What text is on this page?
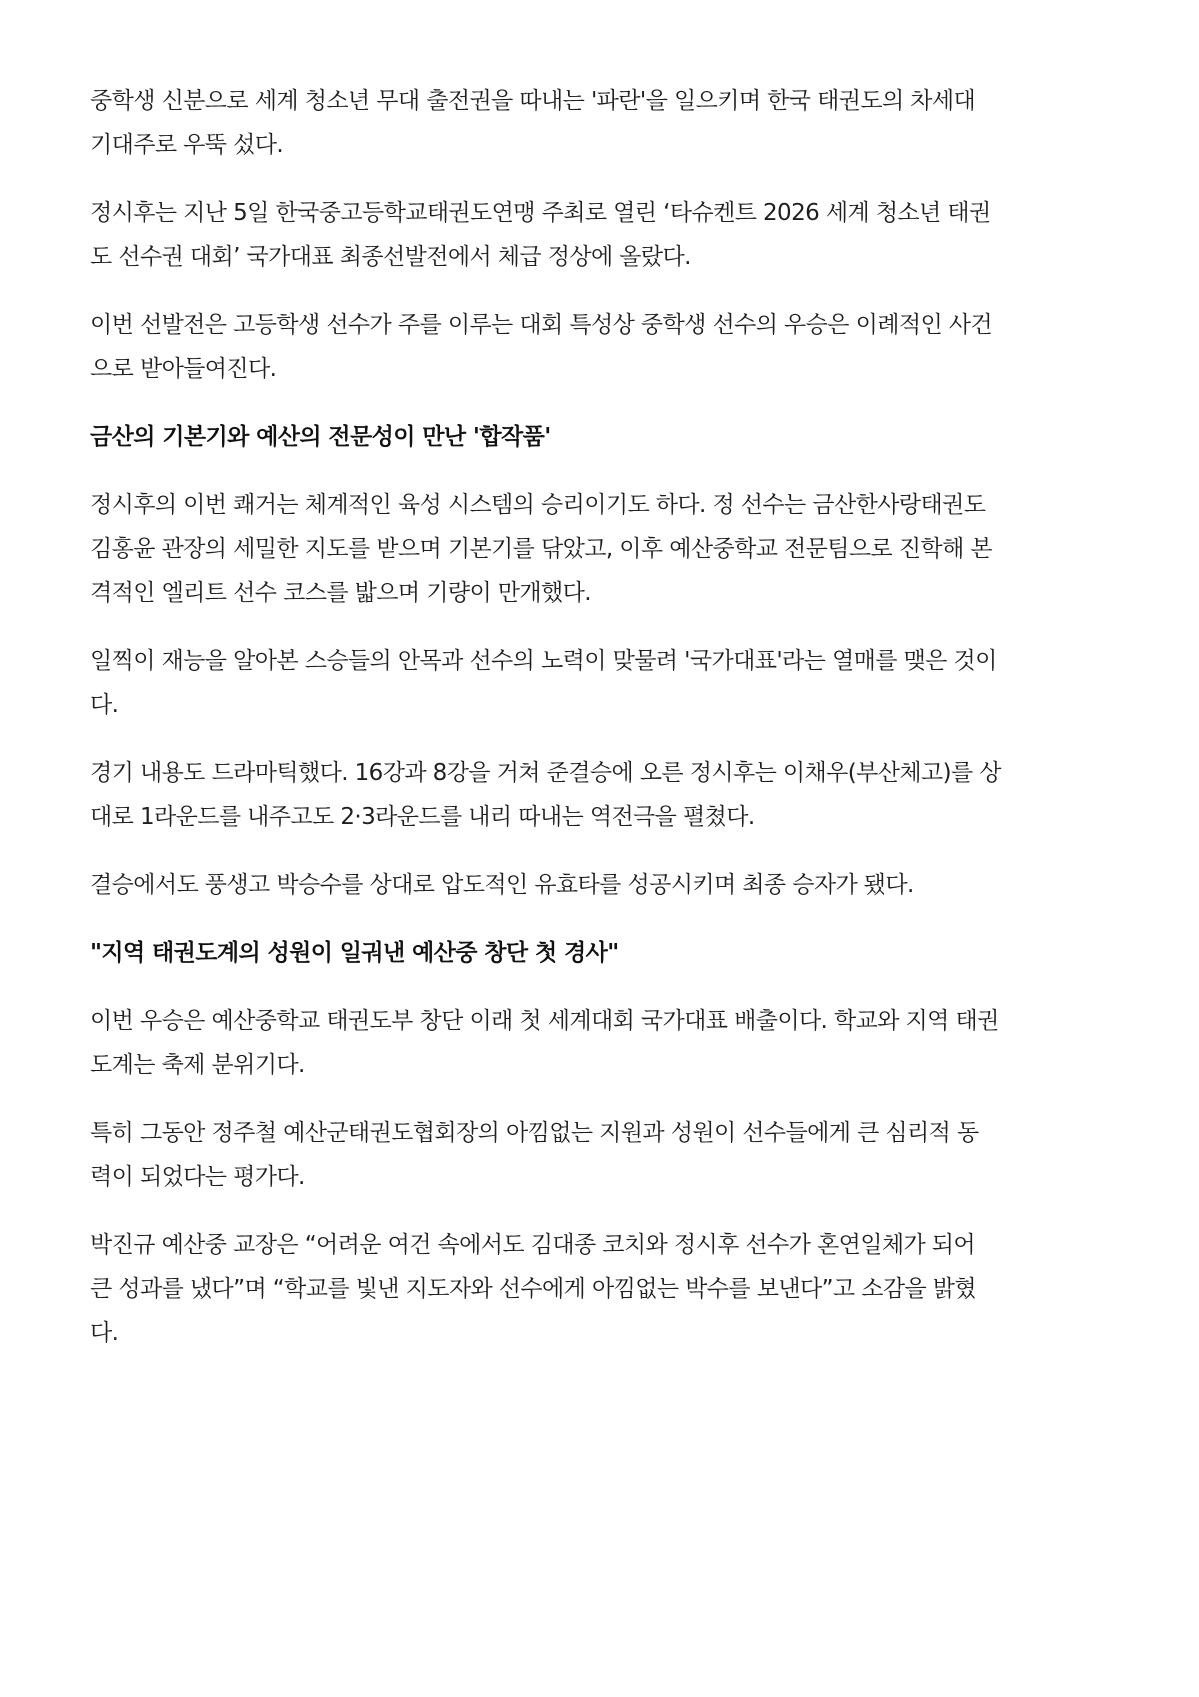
중학생 신분으로 세계 청소년 무대 출전권을 따내는 '파란'을 일으키며 한국 태권도의 차세대
기대주로 우뚝 섰다.

정시후는 지난 5일 한국중고등학교태권도연맹 주최로 열린 ‘타슈켄트 2026 세계 청소년 태권
도 선수권 대회’ 국가대표 최종선발전에서 체급 정상에 올랐다.

이번 선발전은 고등학생 선수가 주를 이루는 대회 특성상 중학생 선수의 우승은 이례적인 사건
으로 받아들여진다.

금산의 기본기와 예산의 전문성이 만난 '합작품'

정시후의 이번 쾌거는 체계적인 육성 시스템의 승리이기도 하다. 정 선수는 금산한사랑태권도
김홍윤 관장의 세밀한 지도를 받으며 기본기를 닦았고, 이후 예산중학교 전문팀으로 진학해 본
격적인 엘리트 선수 코스를 밟으며 기량이 만개했다.

일찍이 재능을 알아본 스승들의 안목과 선수의 노력이 맞물려 '국가대표'라는 열매를 맺은 것이
다.

경기 내용도 드라마틱했다. 16강과 8강을 거쳐 준결승에 오른 정시후는 이채우(부산체고)를 상
대로 1라운드를 내주고도 2·3라운드를 내리 따내는 역전극을 펼쳤다.

결승에서도 풍생고 박승수를 상대로 압도적인 유효타를 성공시키며 최종 승자가 됐다.

"지역 태권도계의 성원이 일궈낸 예산중 창단 첫 경사"

이번 우승은 예산중학교 태권도부 창단 이래 첫 세계대회 국가대표 배출이다. 학교와 지역 태권
도계는 축제 분위기다.

특히 그동안 정주철 예산군태권도협회장의 아낌없는 지원과 성원이 선수들에게 큰 심리적 동
력이 되었다는 평가다.

박진규 예산중 교장은 “어려운 여건 속에서도 김대종 코치와 정시후 선수가 혼연일체가 되어
큰 성과를 냈다”며 “학교를 빛낸 지도자와 선수에게 아낌없는 박수를 보낸다”고 소감을 밝혔
다.
